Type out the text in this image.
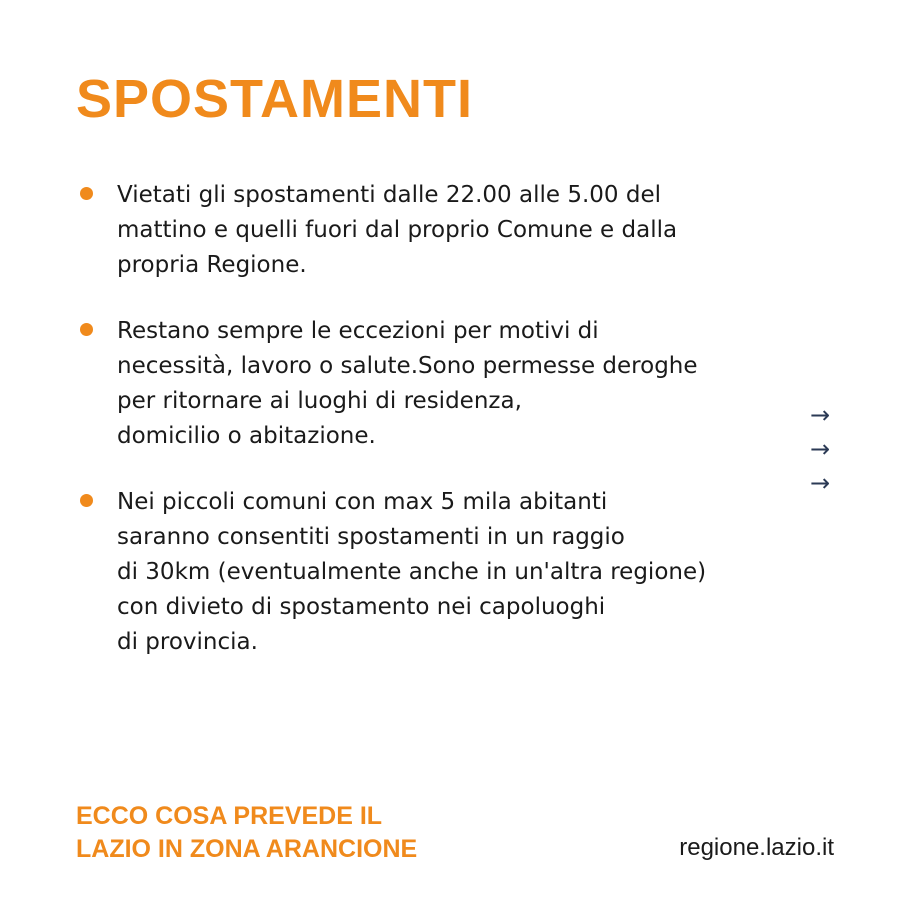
SPOSTAMENTI
Vietati gli spostamenti dalle 22.00 alle 5.00 del
mattino e quelli fuori dal proprio Comune e dalla
propria Regione.
Restano sempre le eccezioni per motivi di
necessità, lavoro o salute.Sono permesse deroghe
per ritornare ai luoghi di residenza,
domicilio o abitazione.
Nei piccoli comuni con max 5 mila abitanti
saranno consentiti spostamenti in un raggio
di 30km (eventualmente anche in un'altra regione)
con divieto di spostamento nei capoluoghi
di provincia.
→
→
→
ECCO COSA PREVEDE IL
LAZIO IN ZONA ARANCIONE	regione.lazio.it
